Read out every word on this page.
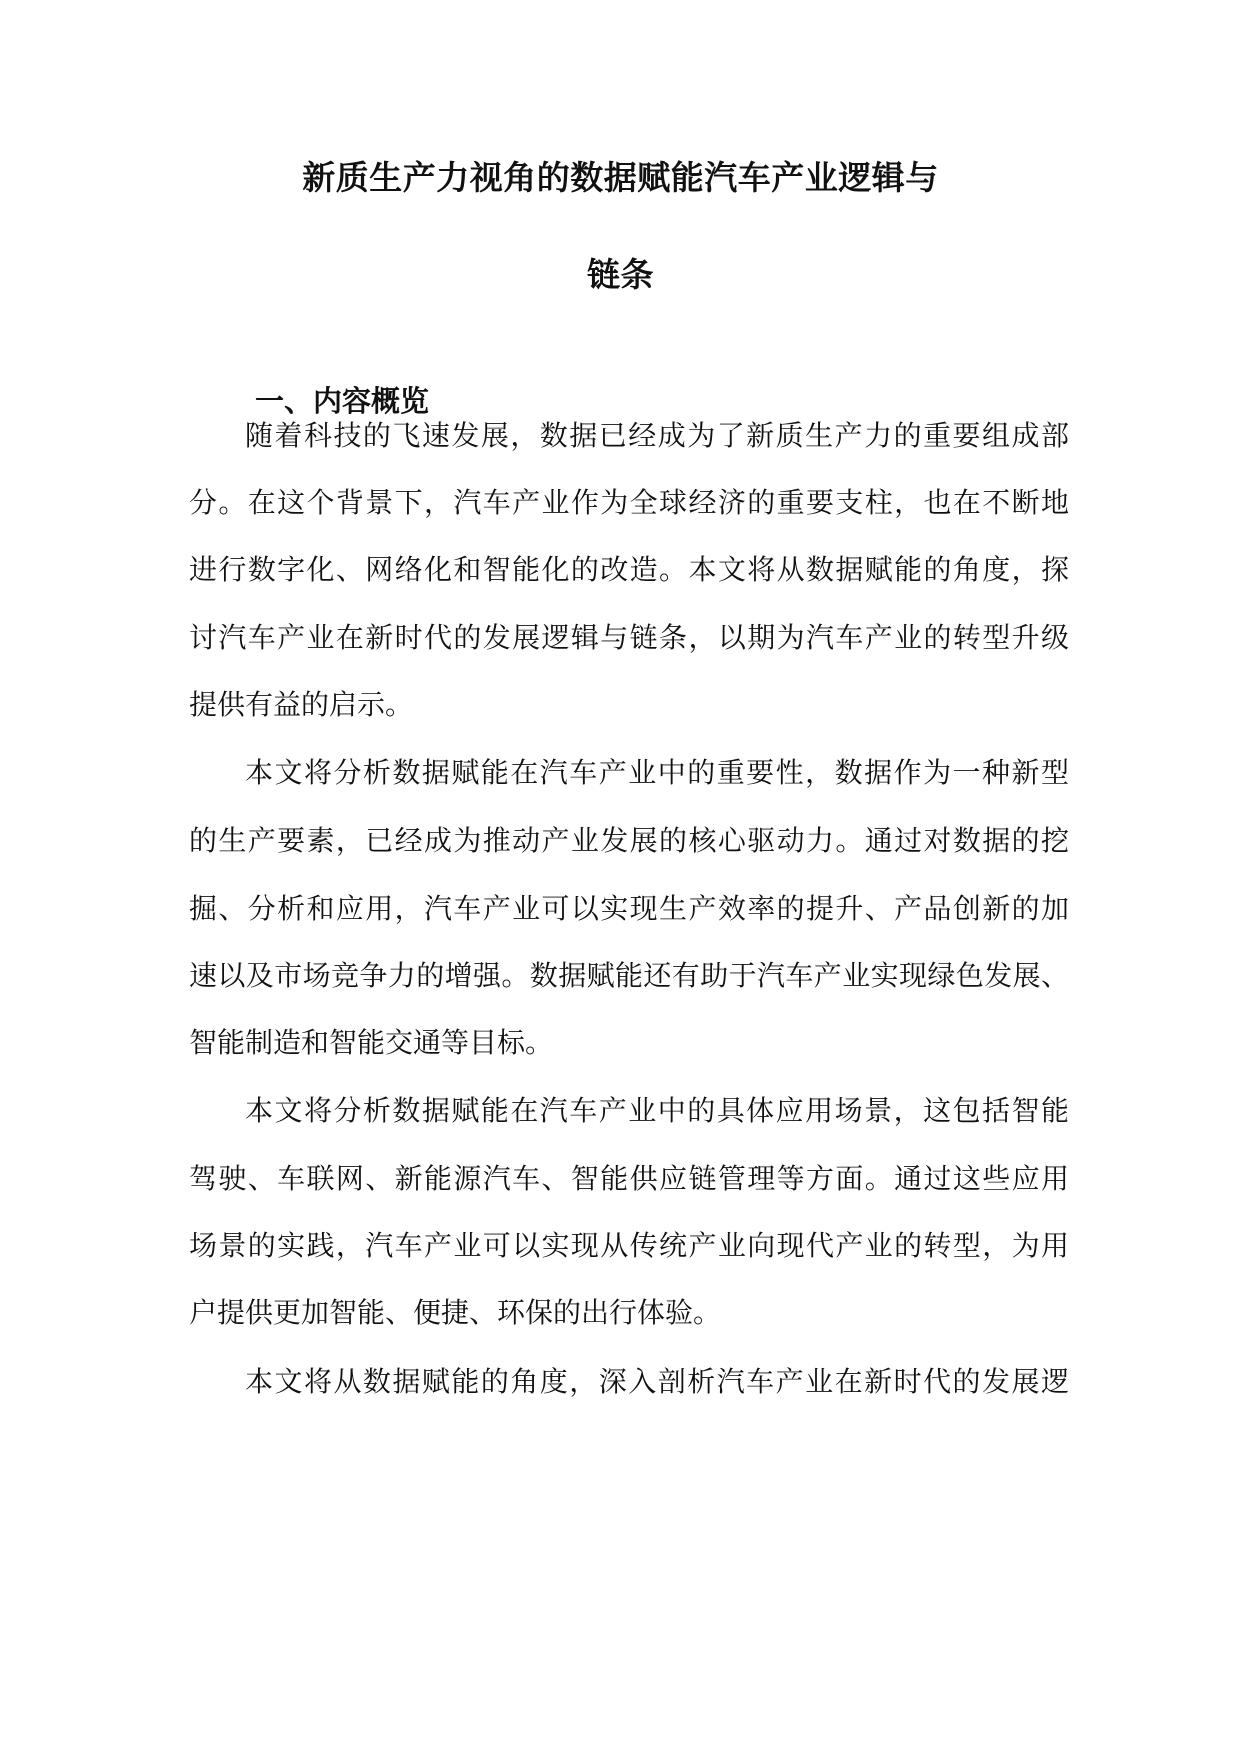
新质生产力视角的数据赋能汽车产业逻辑与
链条
一、内容概览
随着科技的飞速发展，数据已经成为了新质生产力的重要组成部
分。在这个背景下，汽车产业作为全球经济的重要支柱，也在不断地
进行数字化、网络化和智能化的改造。本文将从数据赋能的角度，探
讨汽车产业在新时代的发展逻辑与链条，以期为汽车产业的转型升级
提供有益的启示。
本文将分析数据赋能在汽车产业中的重要性，数据作为一种新型
的生产要素，已经成为推动产业发展的核心驱动力。通过对数据的挖
掘、分析和应用，汽车产业可以实现生产效率的提升、产品创新的加
速以及市场竞争力的增强。数据赋能还有助于汽车产业实现绿色发展、
智能制造和智能交通等目标。
本文将分析数据赋能在汽车产业中的具体应用场景，这包括智能
驾驶、车联网、新能源汽车、智能供应链管理等方面。通过这些应用
场景的实践，汽车产业可以实现从传统产业向现代产业的转型，为用
户提供更加智能、便捷、环保的出行体验。
本文将从数据赋能的角度，深入剖析汽车产业在新时代的发展逻
